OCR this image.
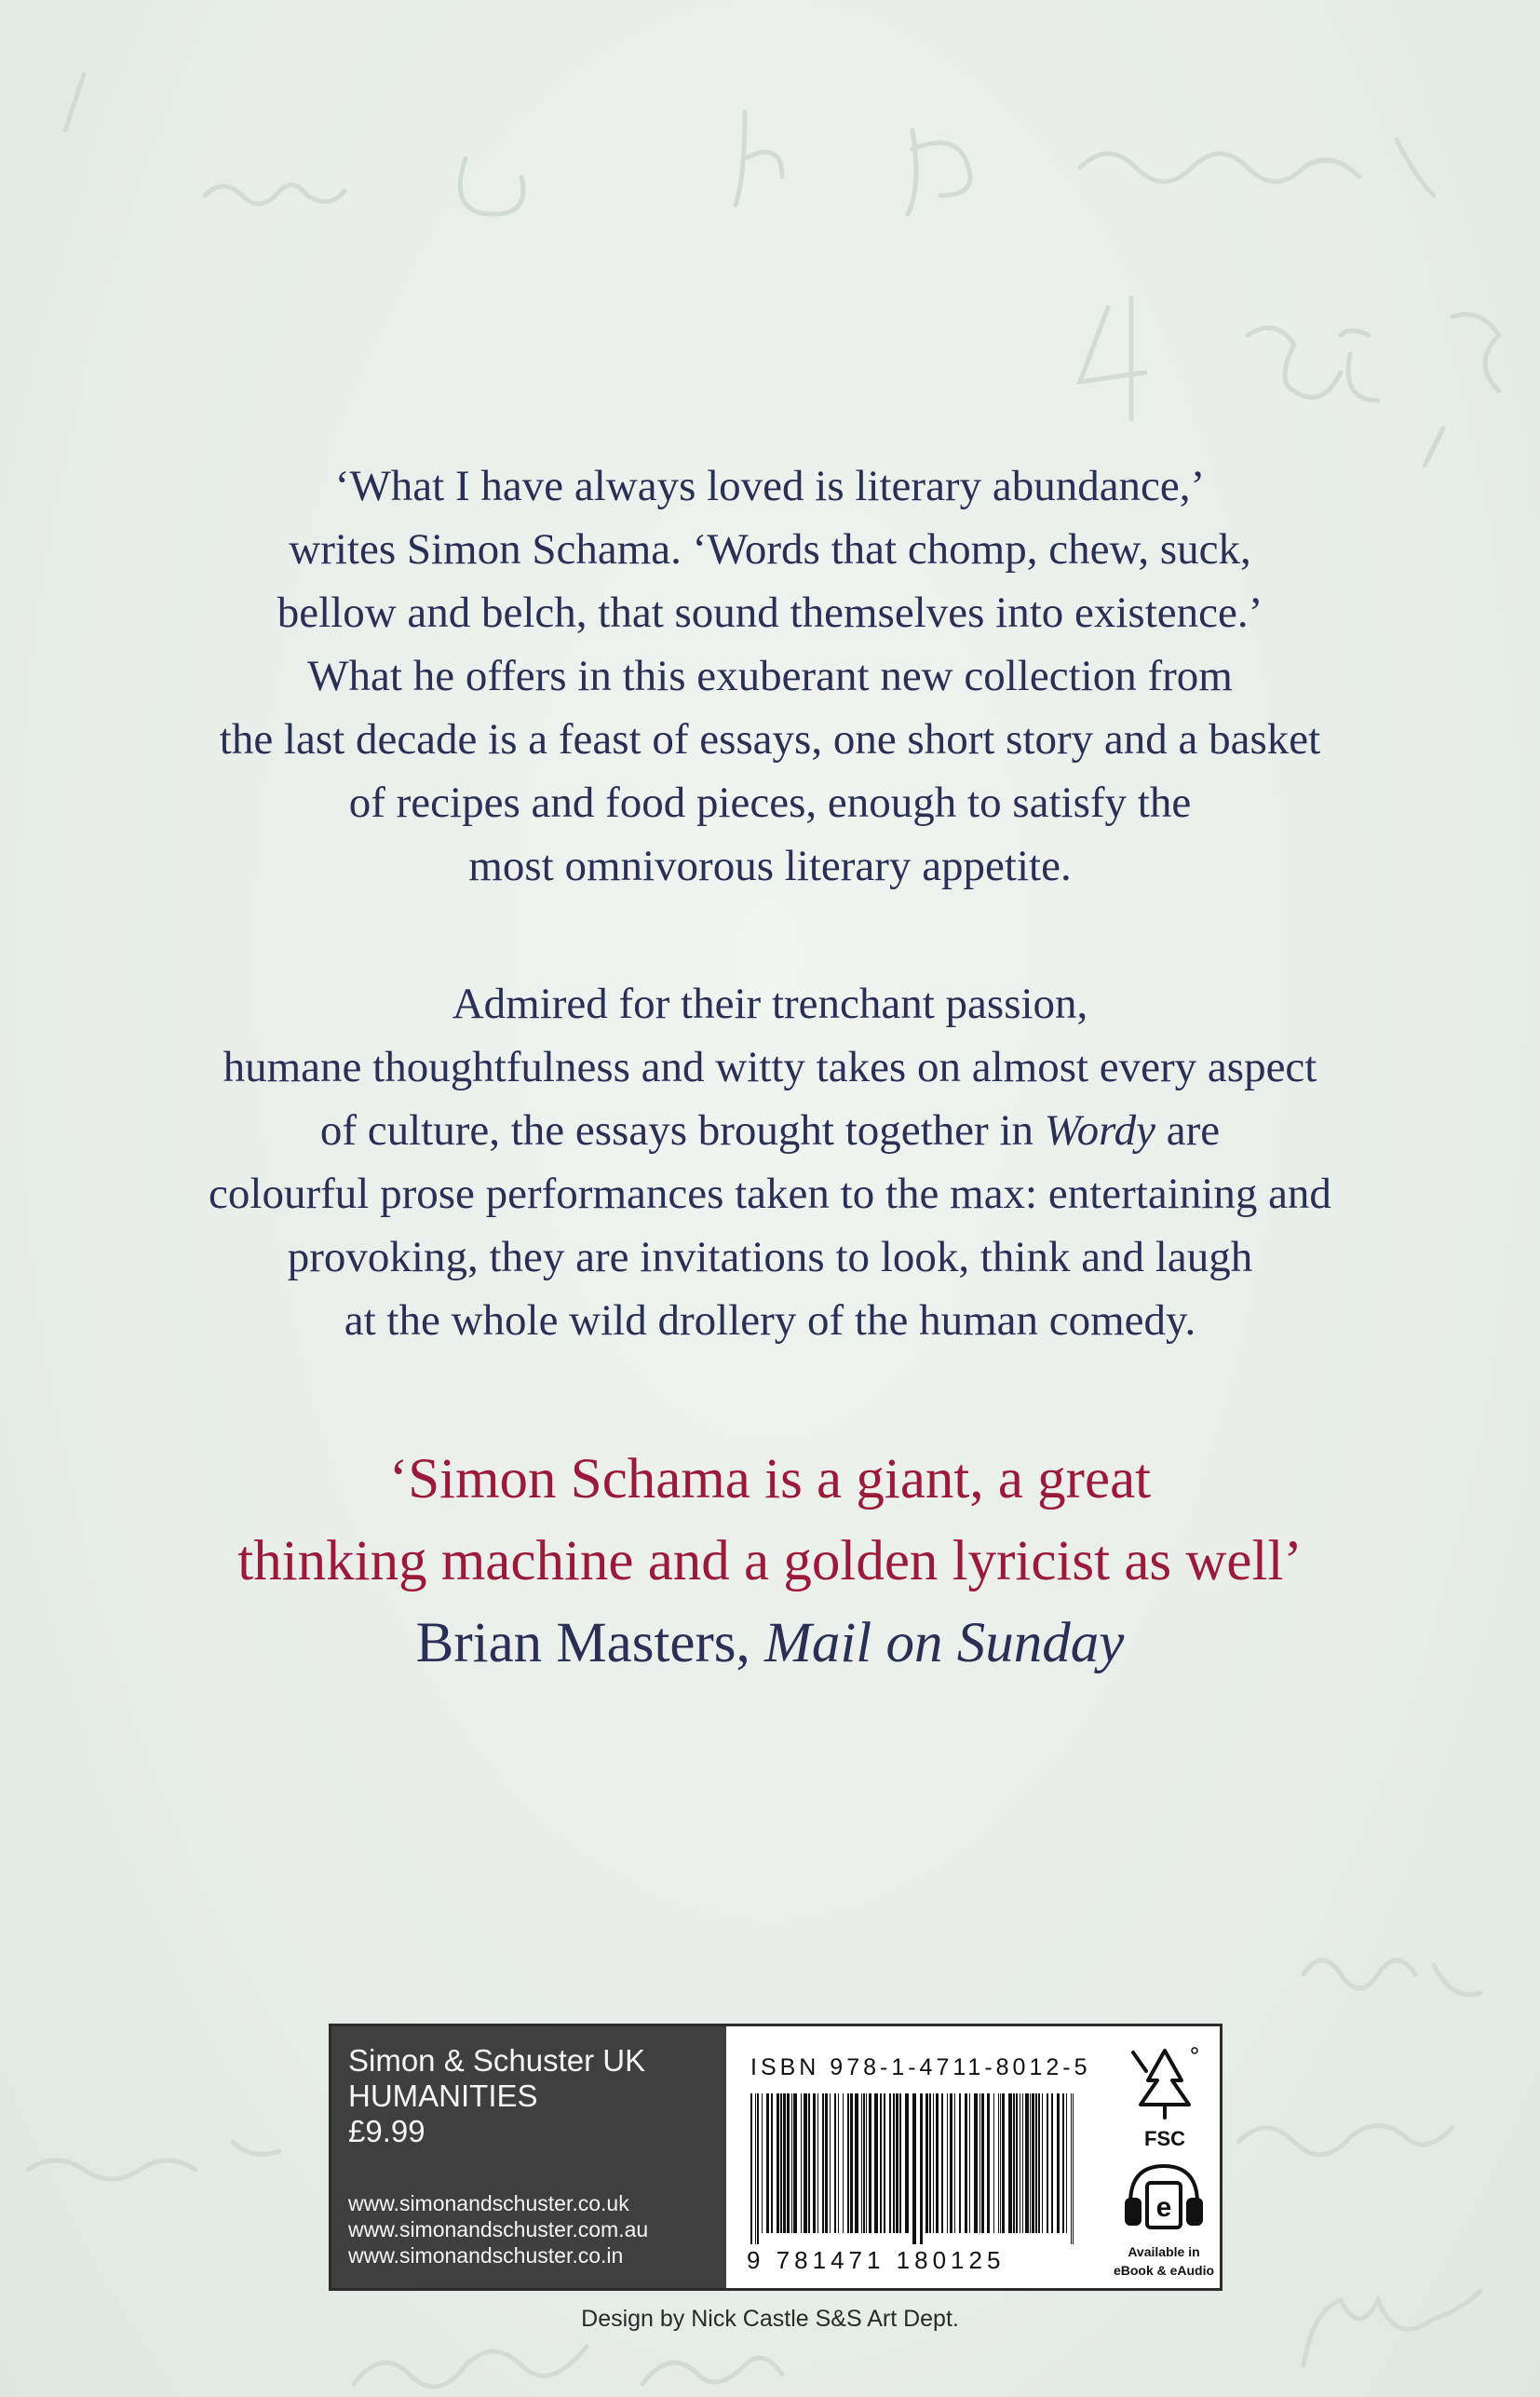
‘What I have always loved is literary abundance,’
writes Simon Schama. ‘Words that chomp, chew, suck,
bellow and belch, that sound themselves into existence.’
What he offers in this exuberant new collection from
the last decade is a feast of essays, one short story and a basket
of recipes and food pieces, enough to satisfy the
most omnivorous literary appetite.
Admired for their trenchant passion,
humane thoughtfulness and witty takes on almost every aspect
of culture, the essays brought together in Wordy are
colourful prose performances taken to the max: entertaining and
provoking, they are invitations to look, think and laugh
at the whole wild drollery of the human comedy.
‘Simon Schama is a giant, a great
thinking machine and a golden lyricist as well’
Brian Masters, Mail on Sunday
Simon & Schuster UK
HUMANITIES
£9.99
www.simonandschuster.co.uk
www.simonandschuster.com.au
www.simonandschuster.co.in
ISBN 978-1-4711-8012-5
9 781471 180125
FSC
e
Available in
eBook & eAudio
Design by Nick Castle S&S Art Dept.
